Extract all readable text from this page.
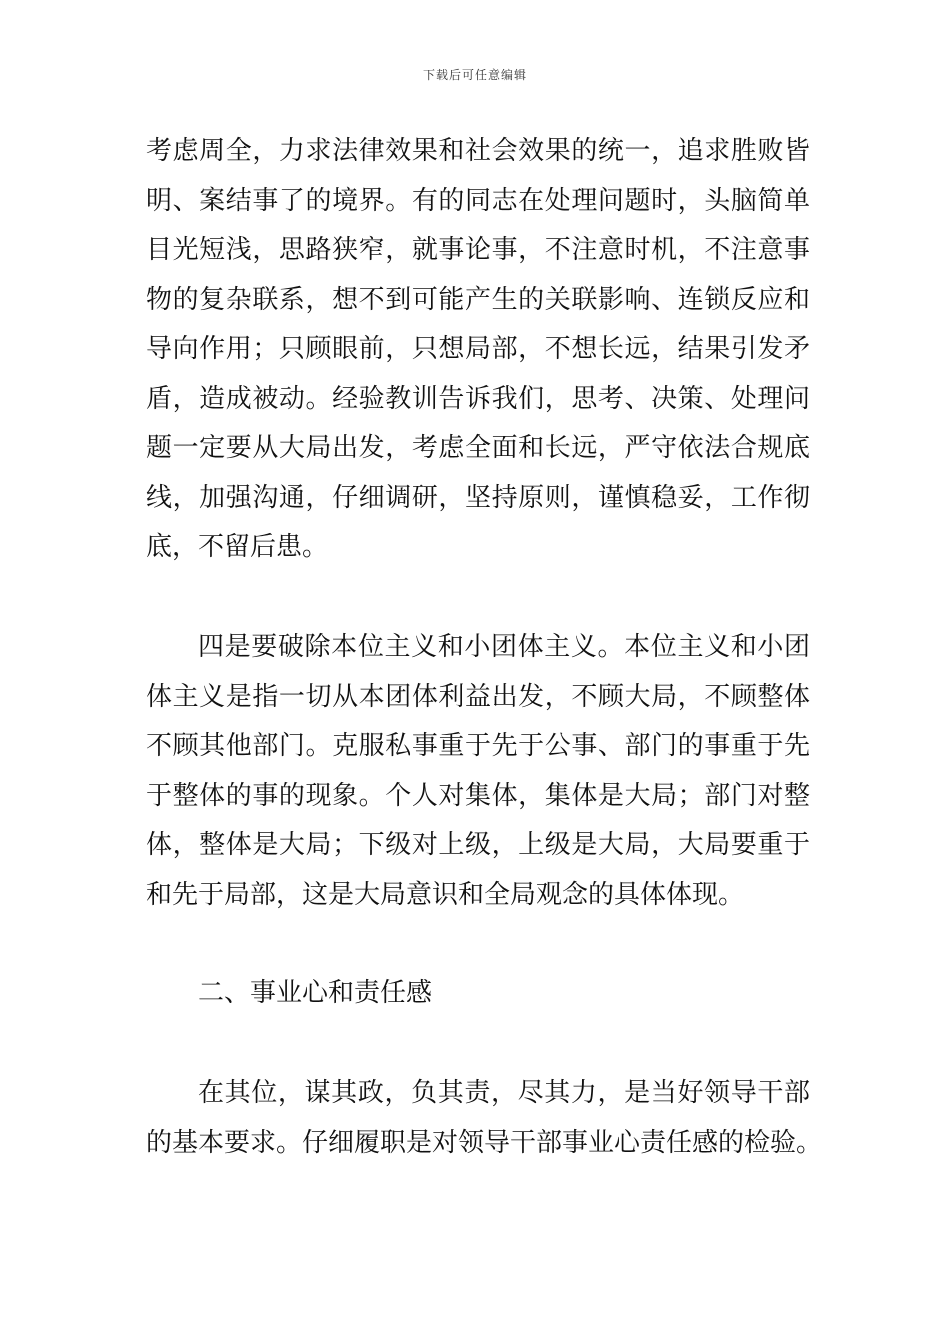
下载后可任意编辑
考虑周全，力求法律效果和社会效果的统一，追求胜败皆
明、案结事了的境界。有的同志在处理问题时，头脑简单
目光短浅，思路狭窄，就事论事，不注意时机，不注意事
物的复杂联系，想不到可能产生的关联影响、连锁反应和
导向作用；只顾眼前，只想局部，不想长远，结果引发矛
盾，造成被动。经验教训告诉我们，思考、决策、处理问
题一定要从大局出发，考虑全面和长远，严守依法合规底
线，加强沟通，仔细调研，坚持原则，谨慎稳妥，工作彻
底，不留后患。
四是要破除本位主义和小团体主义。本位主义和小团
体主义是指一切从本团体利益出发，不顾大局，不顾整体
不顾其他部门。克服私事重于先于公事、部门的事重于先
于整体的事的现象。个人对集体，集体是大局；部门对整
体，整体是大局；下级对上级，上级是大局，大局要重于
和先于局部，这是大局意识和全局观念的具体体现。
二、事业心和责任感
在其位，谋其政，负其责，尽其力，是当好领导干部
的基本要求。仔细履职是对领导干部事业心责任感的检验。
